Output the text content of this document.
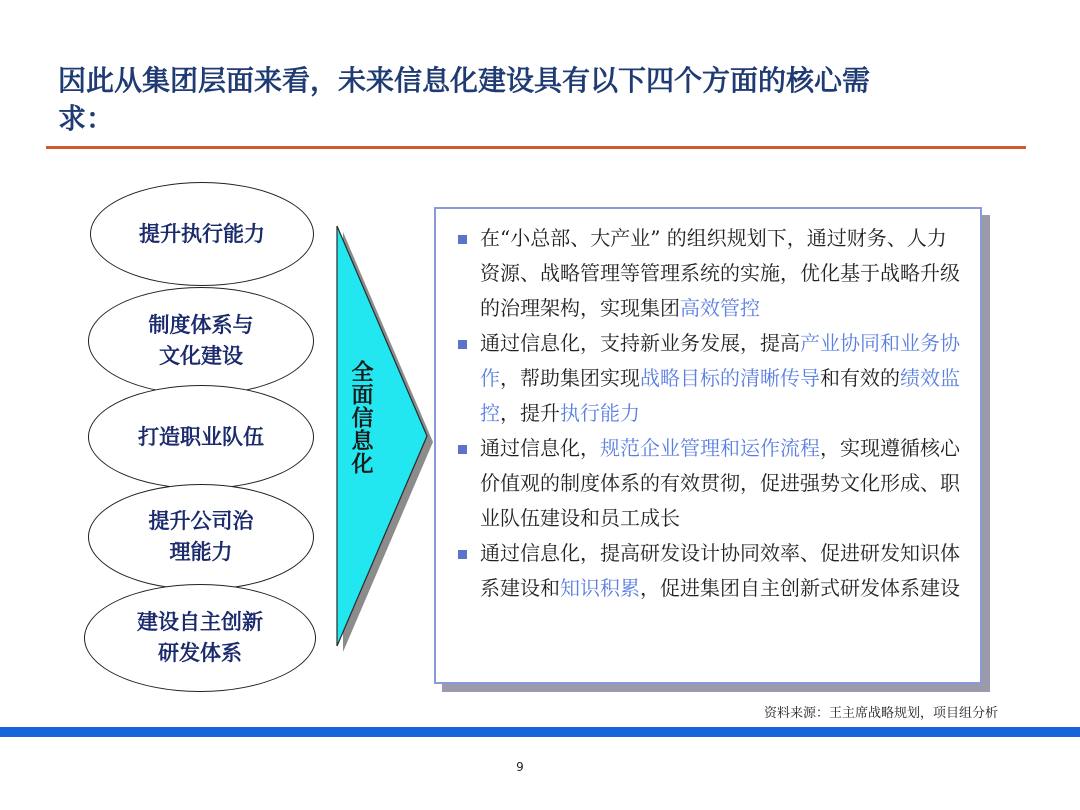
因此从集团层面来看，未来信息化建设具有以下四个方面的核心需求：
提升执行能力
制度体系与
文化建设
打造职业队伍
提升公司治
理能力
建设自主创新
研发体系
全面信息化
在“小总部、大产业” 的组织规划下，通过财务、人力资源、战略管理等管理系统的实施，优化基于战略升级的治理架构，实现集团高效管控
通过信息化，支持新业务发展，提高产业协同和业务协作，帮助集团实现战略目标的清晰传导和有效的绩效监控，提升执行能力
通过信息化，规范企业管理和运作流程，实现遵循核心价值观的制度体系的有效贯彻，促进强势文化形成、职业队伍建设和员工成长
通过信息化，提高研发设计协同效率、促进研发知识体系建设和知识积累，促进集团自主创新式研发体系建设
资料来源：王主席战略规划，项目组分析
9
